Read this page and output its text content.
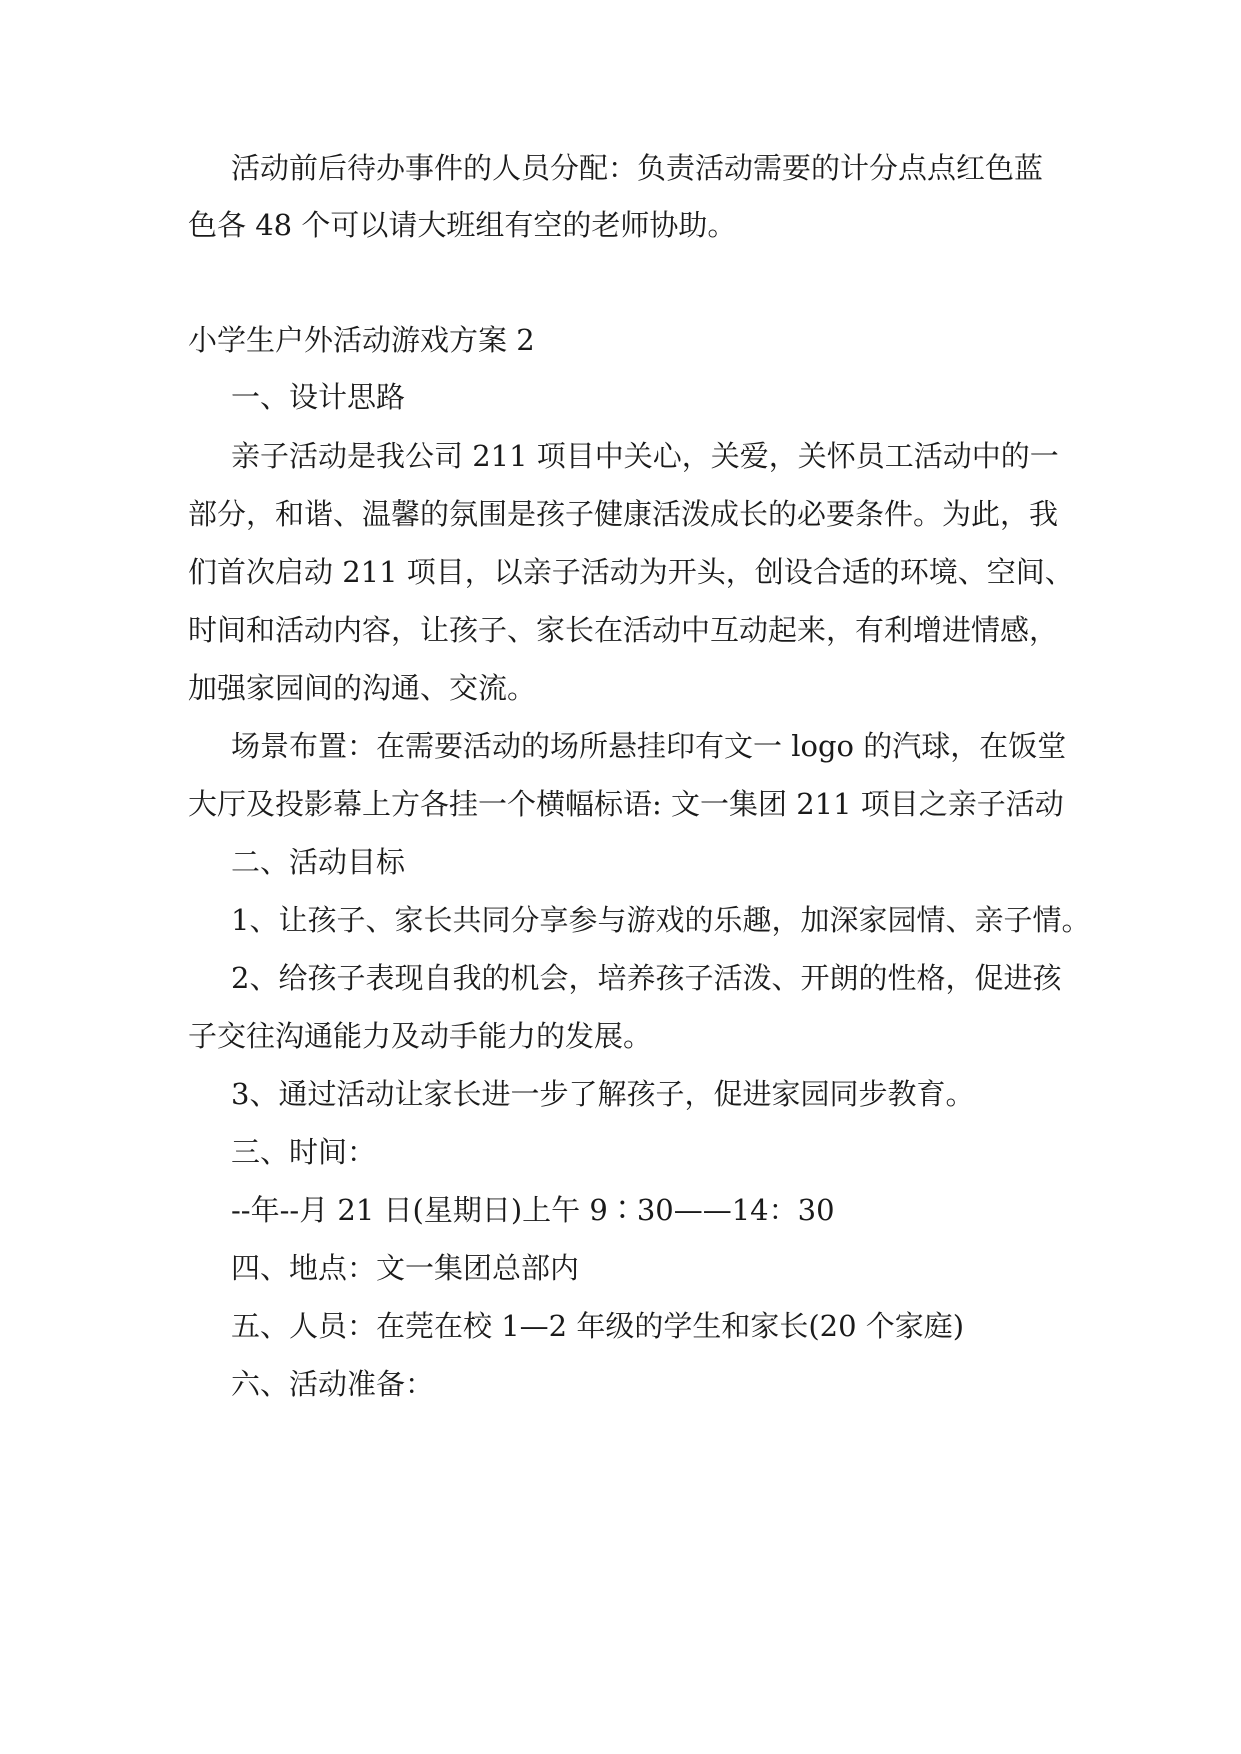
活动前后待办事件的人员分配：负责活动需要的计分点点红色蓝

色各 48 个可以请大班组有空的老师协助。

小学生户外活动游戏方案 2

一、设计思路

亲子活动是我公司 211 项目中关心，关爱，关怀员工活动中的一

部分，和谐、温馨的氛围是孩子健康活泼成长的必要条件。为此，我

们首次启动 211 项目，以亲子活动为开头，创设合适的环境、空间、

时间和活动内容，让孩子、家长在活动中互动起来，有利增进情感，

加强家园间的沟通、交流。

场景布置：在需要活动的场所悬挂印有文一 logo 的汽球，在饭堂

大厅及投影幕上方各挂一个横幅标语: 文一集团 211 项目之亲子活动

二、活动目标

1、让孩子、家长共同分享参与游戏的乐趣，加深家园情、亲子情。

2、给孩子表现自我的机会，培养孩子活泼、开朗的性格，促进孩

子交往沟通能力及动手能力的发展。

3、通过活动让家长进一步了解孩子，促进家园同步教育。

三、时间：

--年--月 21 日(星期日)上午 9∶30——14：30

四、地点：文一集团总部内

五、人员：在莞在校 1—2 年级的学生和家长(20 个家庭)

六、活动准备：
